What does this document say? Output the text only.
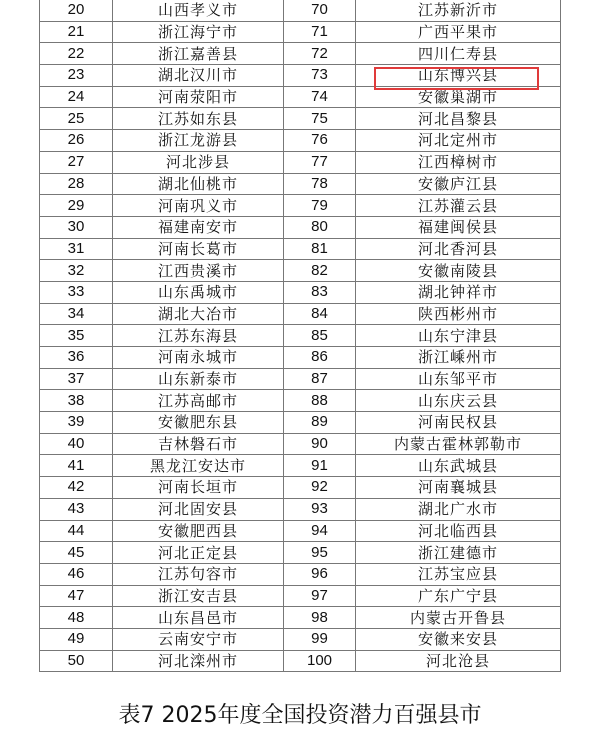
20	山西孝义市	70	江苏新沂市
21	浙江海宁市	71	广西平果市
22	浙江嘉善县	72	四川仁寿县
23	湖北汉川市	73	山东博兴县
24	河南荥阳市	74	安徽巢湖市
25	江苏如东县	75	河北昌黎县
26	浙江龙游县	76	河北定州市
27	河北涉县	77	江西樟树市
28	湖北仙桃市	78	安徽庐江县
29	河南巩义市	79	江苏灌云县
30	福建南安市	80	福建闽侯县
31	河南长葛市	81	河北香河县
32	江西贵溪市	82	安徽南陵县
33	山东禹城市	83	湖北钟祥市
34	湖北大冶市	84	陕西彬州市
35	江苏东海县	85	山东宁津县
36	河南永城市	86	浙江嵊州市
37	山东新泰市	87	山东邹平市
38	江苏高邮市	88	山东庆云县
39	安徽肥东县	89	河南民权县
40	吉林磐石市	90	内蒙古霍林郭勒市
41	黑龙江安达市	91	山东武城县
42	河南长垣市	92	河南襄城县
43	河北固安县	93	湖北广水市
44	安徽肥西县	94	河北临西县
45	河北正定县	95	浙江建德市
46	江苏句容市	96	江苏宝应县
47	浙江安吉县	97	广东广宁县
48	山东昌邑市	98	内蒙古开鲁县
49	云南安宁市	99	安徽来安县
50	河北滦州市	100	河北沧县
表7 2025年度全国投资潜力百强县市
